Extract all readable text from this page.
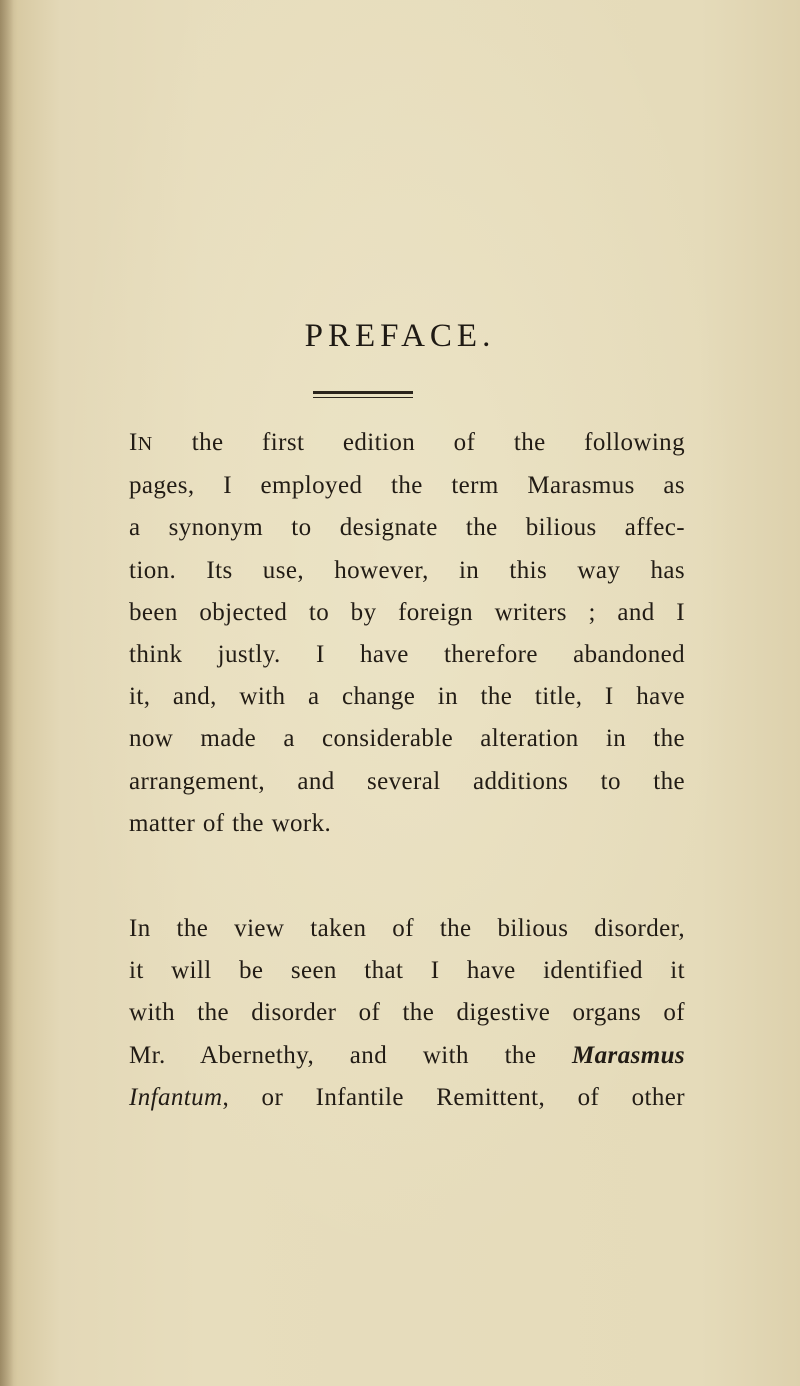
PREFACE.
IN the first edition of the following
pages, I employed the term Marasmus as
a synonym to designate the bilious affec-
tion. Its use, however, in this way has
been objected to by foreign writers ; and I
think justly. I have therefore abandoned
it, and, with a change in the title, I have
now made a considerable alteration in the
arrangement, and several additions to the
matter of the work.
In the view taken of the bilious disorder,
it will be seen that I have identified it
with the disorder of the digestive organs of
Mr. Abernethy, and with the Marasmus
Infantum, or Infantile Remittent, of other
